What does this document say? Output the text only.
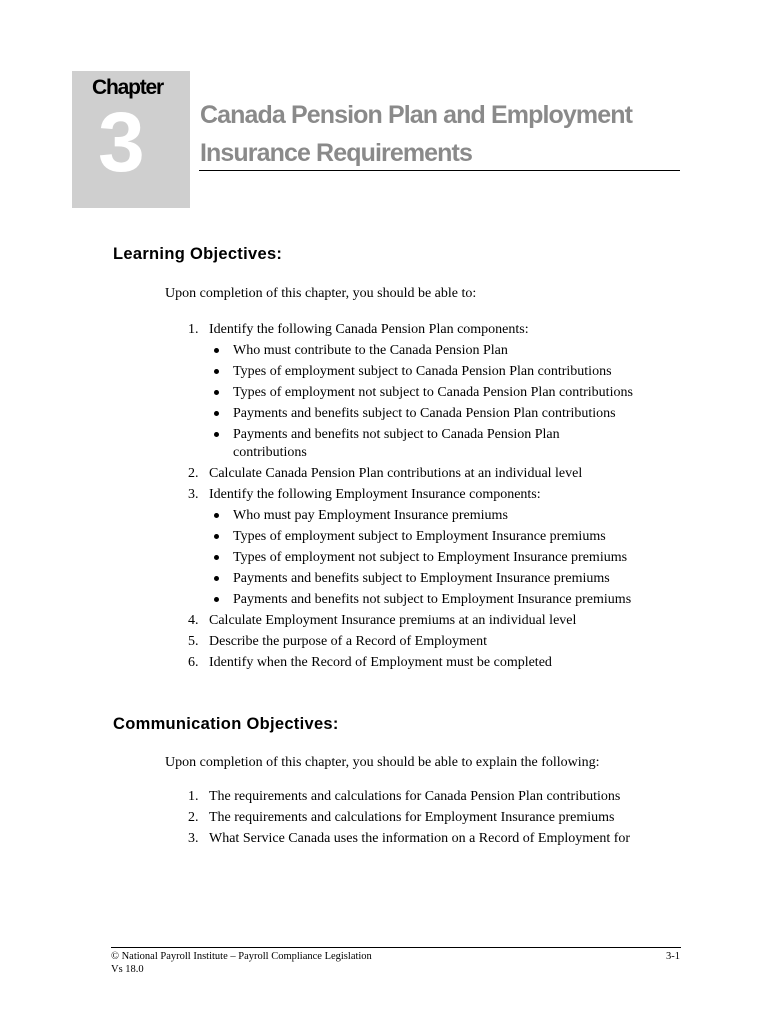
Chapter
3	Canada Pension Plan and Employment
Insurance Requirements
Learning Objectives:
Upon completion of this chapter, you should be able to:
1. Identify the following Canada Pension Plan components:
Who must contribute to the Canada Pension Plan
Types of employment subject to Canada Pension Plan contributions
Types of employment not subject to Canada Pension Plan contributions
Payments and benefits subject to Canada Pension Plan contributions
Payments and benefits not subject to Canada Pension Plan contributions
2. Calculate Canada Pension Plan contributions at an individual level
3. Identify the following Employment Insurance components:
Who must pay Employment Insurance premiums
Types of employment subject to Employment Insurance premiums
Types of employment not subject to Employment Insurance premiums
Payments and benefits subject to Employment Insurance premiums
Payments and benefits not subject to Employment Insurance premiums
4. Calculate Employment Insurance premiums at an individual level
5. Describe the purpose of a Record of Employment
6. Identify when the Record of Employment must be completed
Communication Objectives:
Upon completion of this chapter, you should be able to explain the following:
1. The requirements and calculations for Canada Pension Plan contributions
2. The requirements and calculations for Employment Insurance premiums
3. What Service Canada uses the information on a Record of Employment for
© National Payroll Institute – Payroll Compliance Legislation
Vs 18.0
3-1
